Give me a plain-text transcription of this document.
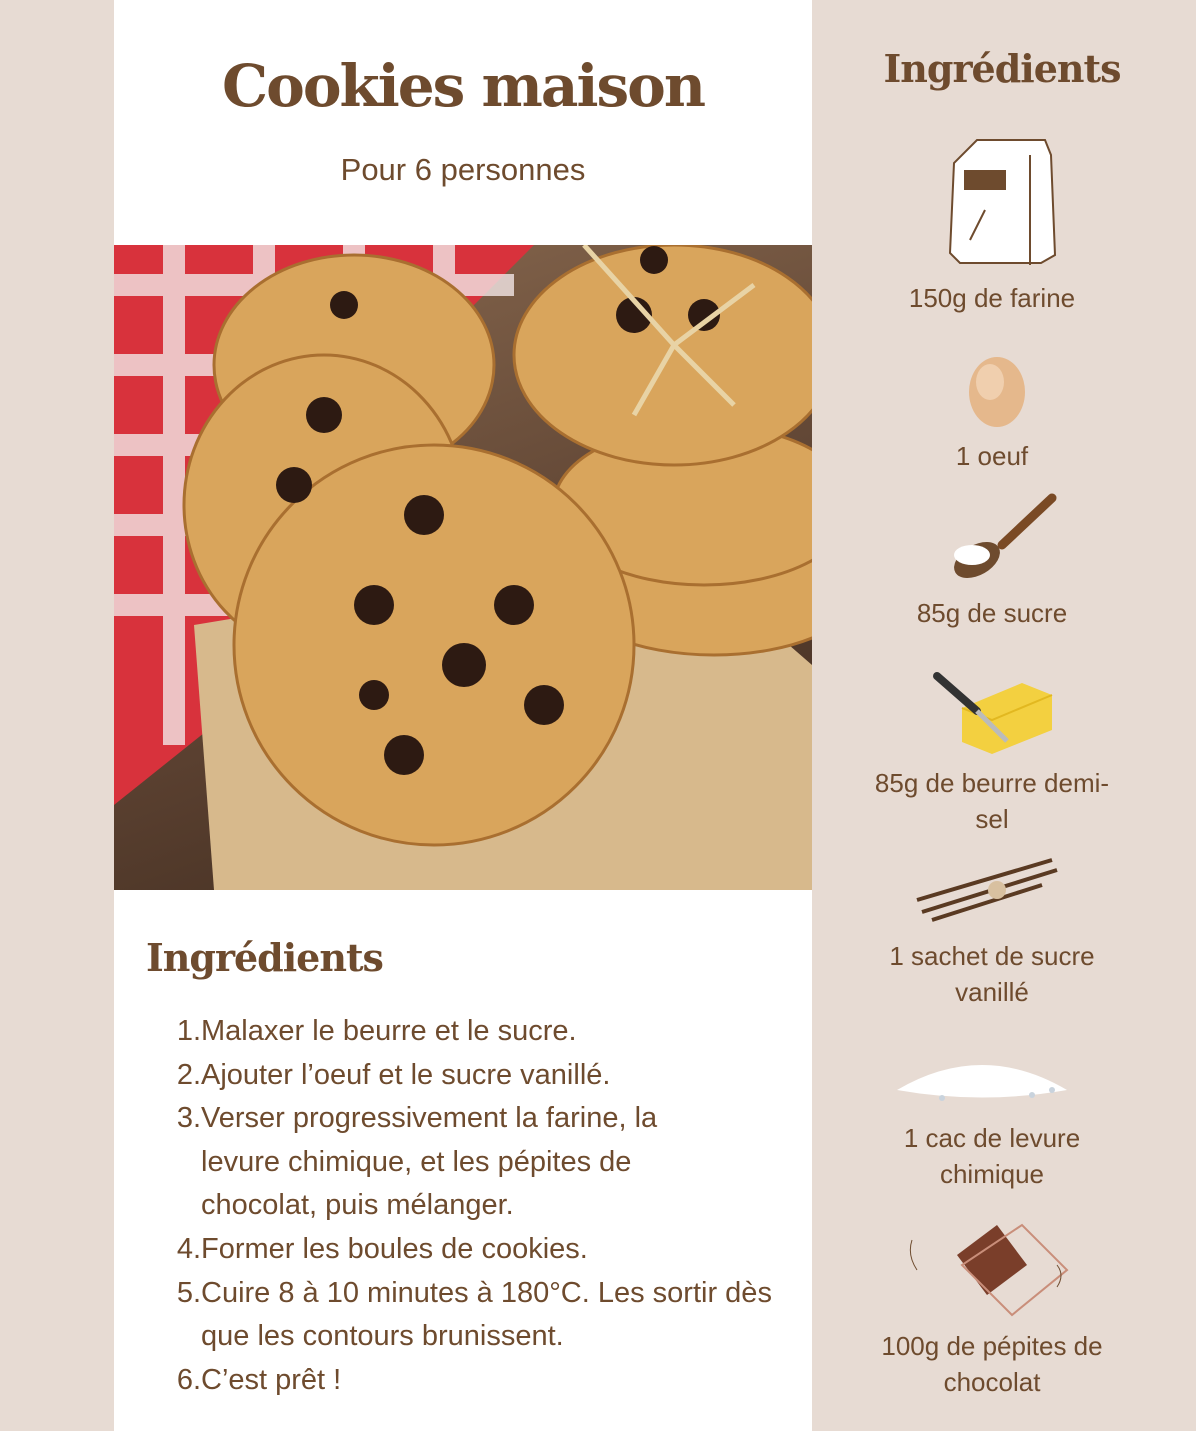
Cookies maison
Pour 6 personnes
Ingrédients
1. Malaxer le beurre et le sucre.
2. Ajouter l’oeuf et le sucre vanillé.
3. Verser progressivement la farine, la levure chimique, et les pépites de chocolat, puis mélanger.
4. Former les boules de cookies.
5. Cuire 8 à 10 minutes à 180°C. Les sortir dès que les contours brunissent.
6. C’est prêt !
Ingrédients
150g de farine
1 oeuf
85g de sucre
85g de beurre demi-sel
1 sachet de sucre vanillé
1 cac de levure chimique
100g de pépites de chocolat
